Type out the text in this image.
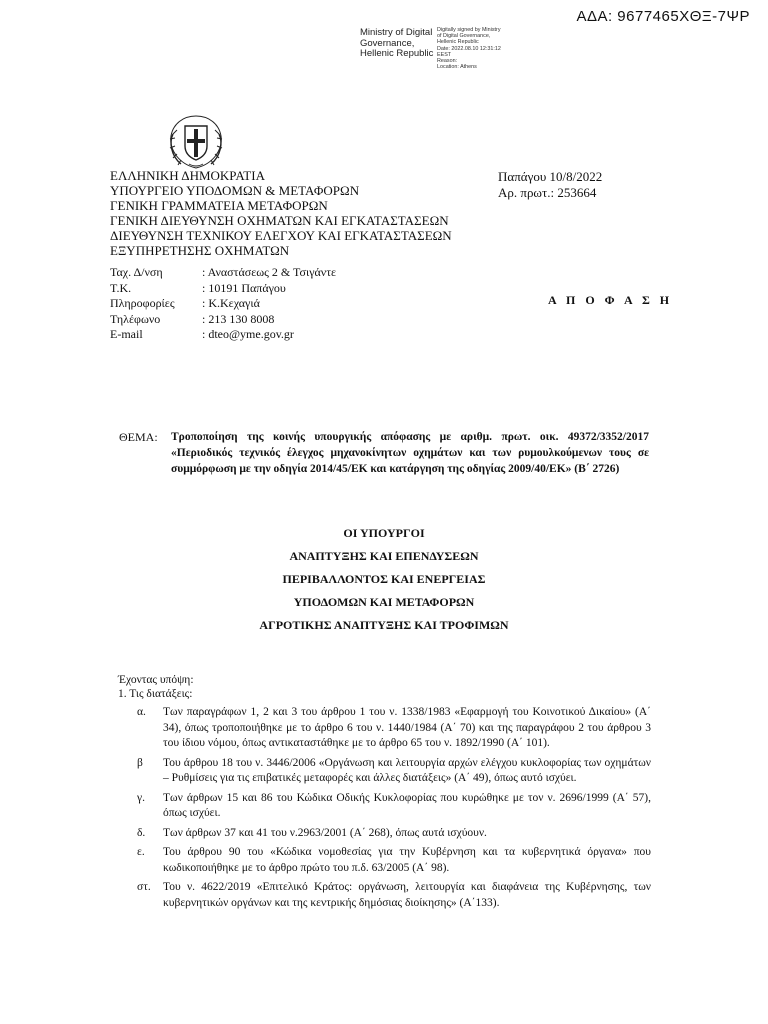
ΑΔΑ: 9677465ΧΘΞ-7ΨΡ
Ministry of Digital
Governance,
Hellenic Republic
Digitally signed by Ministry
of Digital Governance,
Hellenic Republic
Date: 2022.08.10 12:31:12
EEST
Reason:
Location: Athens
ΕΛΛΗΝΙΚΗ ΔΗΜΟΚΡΑΤΙΑ
ΥΠΟΥΡΓΕΙΟ ΥΠΟΔΟΜΩΝ & ΜΕΤΑΦΟΡΩΝ
ΓΕΝΙΚΗ ΓΡΑΜΜΑΤΕΙΑ ΜΕΤΑΦΟΡΩΝ
ΓΕΝΙΚΗ ΔΙΕΥΘΥΝΣΗ ΟΧΗΜΑΤΩΝ ΚΑΙ ΕΓΚΑΤΑΣΤΑΣΕΩΝ
ΔΙΕΥΘΥΝΣΗ ΤΕΧΝΙΚΟΥ ΕΛΕΓΧΟΥ ΚΑΙ ΕΓΚΑΤΑΣΤΑΣΕΩΝ
ΕΞΥΠΗΡΕΤΗΣΗΣ ΟΧΗΜΑΤΩΝ
Παπάγου 10/8/2022
Αρ. πρωτ.: 253664
Ταχ. Δ/νση	: Αναστάσεως 2 & Τσιγάντε
Τ.Κ.	: 10191 Παπάγου
Πληροφορίες	: Κ.Κεχαγιά
Τηλέφωνο	: 213 130 8008
E-mail	: dteo@yme.gov.gr
Α Π Ο Φ Α Σ Η
ΘΕΜΑ: Τροποποίηση της κοινής υπουργικής απόφασης με αριθμ. πρωτ. οικ. 49372/3352/2017 «Περιοδικός τεχνικός έλεγχος μηχανοκίνητων οχημάτων και των ρυμουλκούμενων τους σε συμμόρφωση με την οδηγία 2014/45/ΕΚ και κατάργηση της οδηγίας 2009/40/ΕΚ» (Β΄ 2726)
ΟΙ ΥΠΟΥΡΓΟΙ
ΑΝΑΠΤΥΞΗΣ ΚΑΙ ΕΠΕΝΔΥΣΕΩΝ
ΠΕΡΙΒΑΛΛΟΝΤΟΣ ΚΑΙ ΕΝΕΡΓΕΙΑΣ
ΥΠΟΔΟΜΩΝ ΚΑΙ ΜΕΤΑΦΟΡΩΝ
ΑΓΡΟΤΙΚΗΣ ΑΝΑΠΤΥΞΗΣ ΚΑΙ ΤΡΟΦΙΜΩΝ
Έχοντας υπόψη:
1. Τις διατάξεις:
α.	Των παραγράφων 1, 2 και 3 του άρθρου 1 του ν. 1338/1983 «Εφαρμογή του Κοινοτικού Δικαίου» (Α΄ 34), όπως τροποποιήθηκε με το άρθρο 6 του ν. 1440/1984 (Α΄ 70) και της παραγράφου 2 του άρθρου 3 του ίδιου νόμου, όπως αντικαταστάθηκε με το άρθρο 65 του ν. 1892/1990 (Α΄ 101).
β	Του άρθρου 18 του ν. 3446/2006 «Οργάνωση και λειτουργία αρχών ελέγχου κυκλοφορίας των οχημάτων – Ρυθμίσεις για τις επιβατικές μεταφορές και άλλες διατάξεις» (Α΄ 49), όπως αυτό ισχύει.
γ.	Των άρθρων 15 και 86 του Κώδικα Οδικής Κυκλοφορίας που κυρώθηκε με τον ν. 2696/1999 (Α΄ 57), όπως ισχύει.
δ.	Των άρθρων 37 και 41 του ν.2963/2001 (Α΄ 268), όπως αυτά ισχύουν.
ε.	Του άρθρου 90 του «Κώδικα νομοθεσίας για την Κυβέρνηση και τα κυβερνητικά όργανα» που κωδικοποιήθηκε με το άρθρο πρώτο του π.δ. 63/2005 (Α΄ 98).
στ.	Του ν. 4622/2019 «Επιτελικό Κράτος: οργάνωση, λειτουργία και διαφάνεια της Κυβέρνησης, των κυβερνητικών οργάνων και της κεντρικής δημόσιας διοίκησης» (Α΄133).
